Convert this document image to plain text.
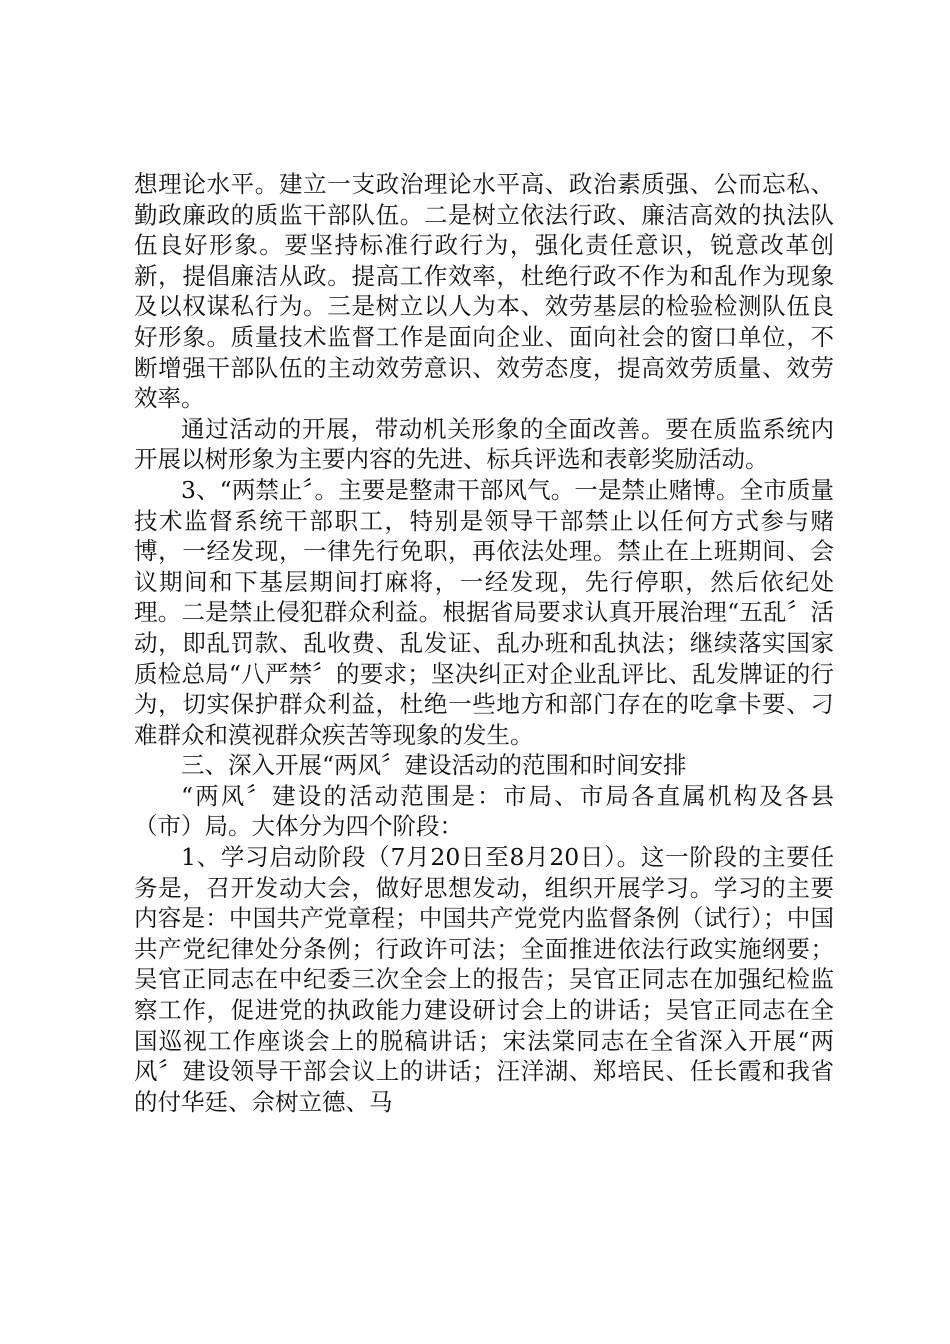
想理论水平。建立一支政治理论水平高、政治素质强、公而忘私、勤政廉政的质监干部队伍。二是树立依法行政、廉洁高效的执法队伍良好形象。要坚持标准行政行为，强化责任意识，锐意改革创新，提倡廉洁从政。提高工作效率，杜绝行政不作为和乱作为现象及以权谋私行为。三是树立以人为本、效劳基层的检验检测队伍良好形象。质量技术监督工作是面向企业、面向社会的窗口单位，不断增强干部队伍的主动效劳意识、效劳态度，提高效劳质量、效劳效率。

通过活动的开展，带动机关形象的全面改善。要在质监系统内开展以树形象为主要内容的先进、标兵评选和表彰奖励活动。

3、“两禁止〞。主要是整肃干部风气。一是禁止赌博。全市质量技术监督系统干部职工，特别是领导干部禁止以任何方式参与赌博，一经发现，一律先行免职，再依法处理。禁止在上班期间、会议期间和下基层期间打麻将，一经发现，先行停职，然后依纪处理。二是禁止侵犯群众利益。根据省局要求认真开展治理“五乱〞活动，即乱罚款、乱收费、乱发证、乱办班和乱执法；继续落实国家质检总局“八严禁〞的要求；坚决纠正对企业乱评比、乱发牌证的行为，切实保护群众利益，杜绝一些地方和部门存在的吃拿卡要、刁难群众和漠视群众疾苦等现象的发生。

三、深入开展“两风〞建设活动的范围和时间安排

“两风〞建设的活动范围是：市局、市局各直属机构及各县（市）局。大体分为四个阶段：

1、学习启动阶段（7月20日至8月20日）。这一阶段的主要任务是，召开发动大会，做好思想发动，组织开展学习。学习的主要内容是：中国共产党章程；中国共产党党内监督条例（试行）；中国共产党纪律处分条例；行政许可法；全面推进依法行政实施纲要；吴官正同志在中纪委三次全会上的报告；吴官正同志在加强纪检监察工作，促进党的执政能力建设研讨会上的讲话；吴官正同志在全国巡视工作座谈会上的脱稿讲话；宋法棠同志在全省深入开展“两风〞建设领导干部会议上的讲话；汪洋湖、郑培民、任长霞和我省的付华廷、佘树立德、马
